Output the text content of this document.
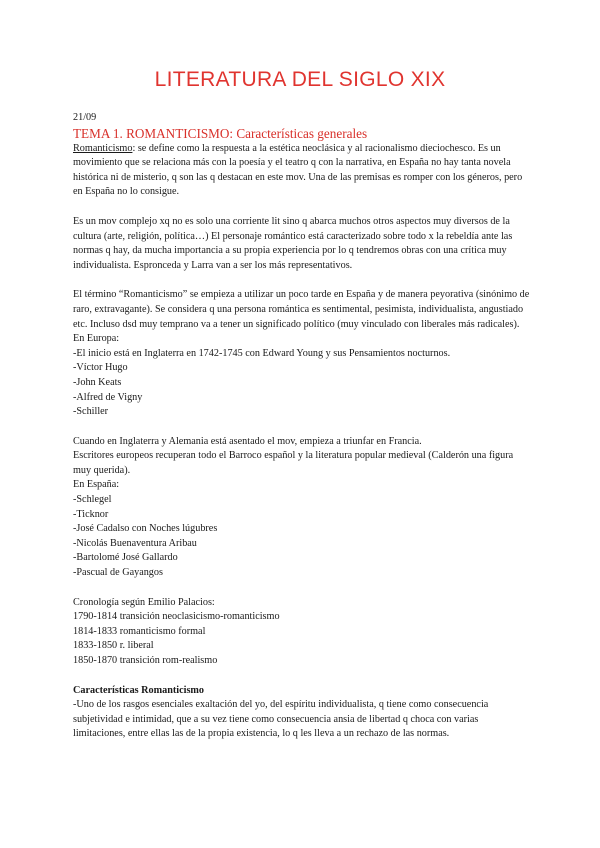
LITERATURA DEL SIGLO XIX

21/09

TEMA 1. ROMANTICISMO: Características generales

Romanticismo: se define como la respuesta a la estética neoclásica y al racionalismo dieciochesco. Es un movimiento que se relaciona más con la poesía y el teatro q con la narrativa, en España no hay tanta novela histórica ni de misterio, q son las q destacan en este mov. Una de las premisas es romper con los géneros, pero en España no lo consigue.

Es un mov complejo xq no es solo una corriente lit sino q abarca muchos otros aspectos muy diversos de la cultura (arte, religión, política…) El personaje romántico está caracterizado sobre todo x la rebeldía ante las normas q hay, da mucha importancia a su propia experiencia por lo q tendremos obras con una crítica muy individualista. Espronceda y Larra van a ser los más representativos.

El término “Romanticismo” se empieza a utilizar un poco tarde en España y de manera peyorativa (sinónimo de raro, extravagante). Se considera q una persona romántica es sentimental, pesimista, individualista, angustiado etc. Incluso dsd muy temprano va a tener un significado político (muy vinculado con liberales más radicales).

En Europa:
-El inicio está en Inglaterra en 1742-1745 con Edward Young y sus Pensamientos nocturnos.
-Víctor Hugo
-John Keats
-Alfred de Vigny
-Schiller

Cuando en Inglaterra y Alemania está asentado el mov, empieza a triunfar en Francia.

Escritores europeos recuperan todo el Barroco español y la literatura popular medieval (Calderón una figura muy querida).

En España:
-Schlegel
-Ticknor
-José Cadalso con Noches lúgubres
-Nicolás Buenaventura Aribau
-Bartolomé José Gallardo
-Pascual de Gayangos
Cronología según Emilio Palacios:
1790-1814 transición neoclasicismo-romanticismo
1814-1833 romanticismo formal
1833-1850 r. liberal
1850-1870 transición rom-realismo

Características Romanticismo

-Uno de los rasgos esenciales exaltación del yo, del espíritu individualista, q tiene como consecuencia subjetividad e intimidad, que a su vez tiene como consecuencia ansia de libertad q choca con varias limitaciones, entre ellas las de la propia existencia, lo q les lleva a un rechazo de las normas.
